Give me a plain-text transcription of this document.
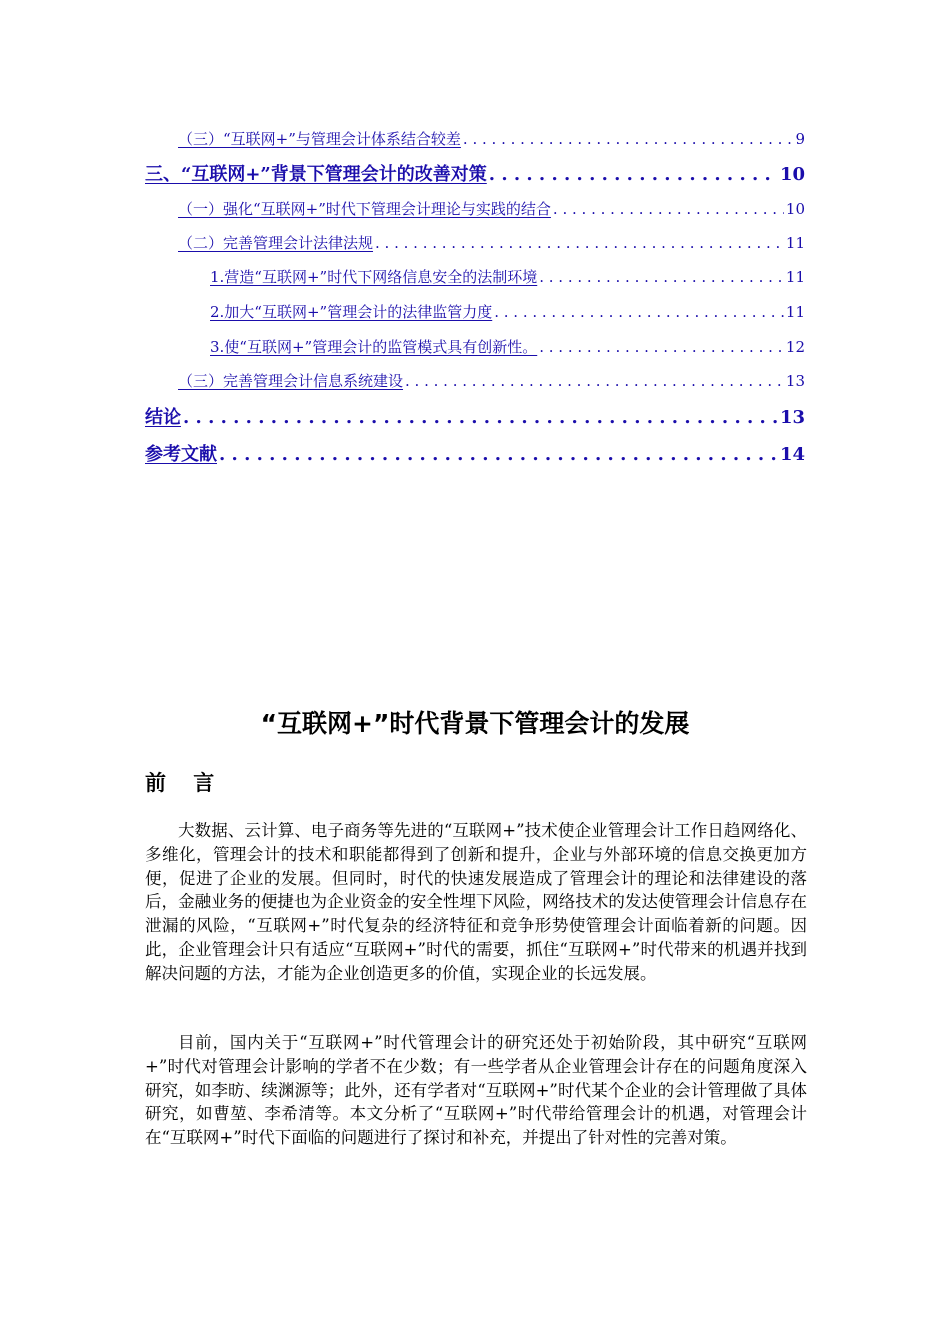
（三）“互联网+”与管理会计体系结合较差 . . .	9
三、“互联网+”背景下管理会计的改善对策 . . .	10
（一）强化“互联网+”时代下管理会计理论与实践的结合 . . .	10
（二）完善管理会计法律法规 . . .	11
1.营造“互联网+”时代下网络信息安全的法制环境 . . .	11
2.加大“互联网+”管理会计的法律监管力度 . . .	11
3.使“互联网+”管理会计的监管模式具有创新性。 . . .	12
（三）完善管理会计信息系统建设 . . .	13
结论 . . .	13
参考文献 . . .	14
“互联网+”时代背景下管理会计的发展
前 言

大数据、云计算、电子商务等先进的“互联网+”技术使企业管理会计工作日趋网络化、多维化，管理会计的技术和职能都得到了创新和提升，企业与外部环境的信息交换更加方便，促进了企业的发展。但同时，时代的快速发展造成了管理会计的理论和法律建设的落后，金融业务的便捷也为企业资金的安全性埋下风险，网络技术的发达使管理会计信息存在泄漏的风险，“互联网+”时代复杂的经济特征和竞争形势使管理会计面临着新的问题。因此，企业管理会计只有适应“互联网+”时代的需要，抓住“互联网+”时代带来的机遇并找到解决问题的方法，才能为企业创造更多的价值，实现企业的长远发展。

目前，国内关于“互联网+”时代管理会计的研究还处于初始阶段，其中研究“互联网+”时代对管理会计影响的学者不在少数；有一些学者从企业管理会计存在的问题角度深入研究，如李昉、续渊源等；此外，还有学者对“互联网+”时代某个企业的会计管理做了具体研究，如曹堃、李希清等。本文分析了“互联网+”时代带给管理会计的机遇，对管理会计在“互联网+”时代下面临的问题进行了探讨和补充，并提出了针对性的完善对策。
